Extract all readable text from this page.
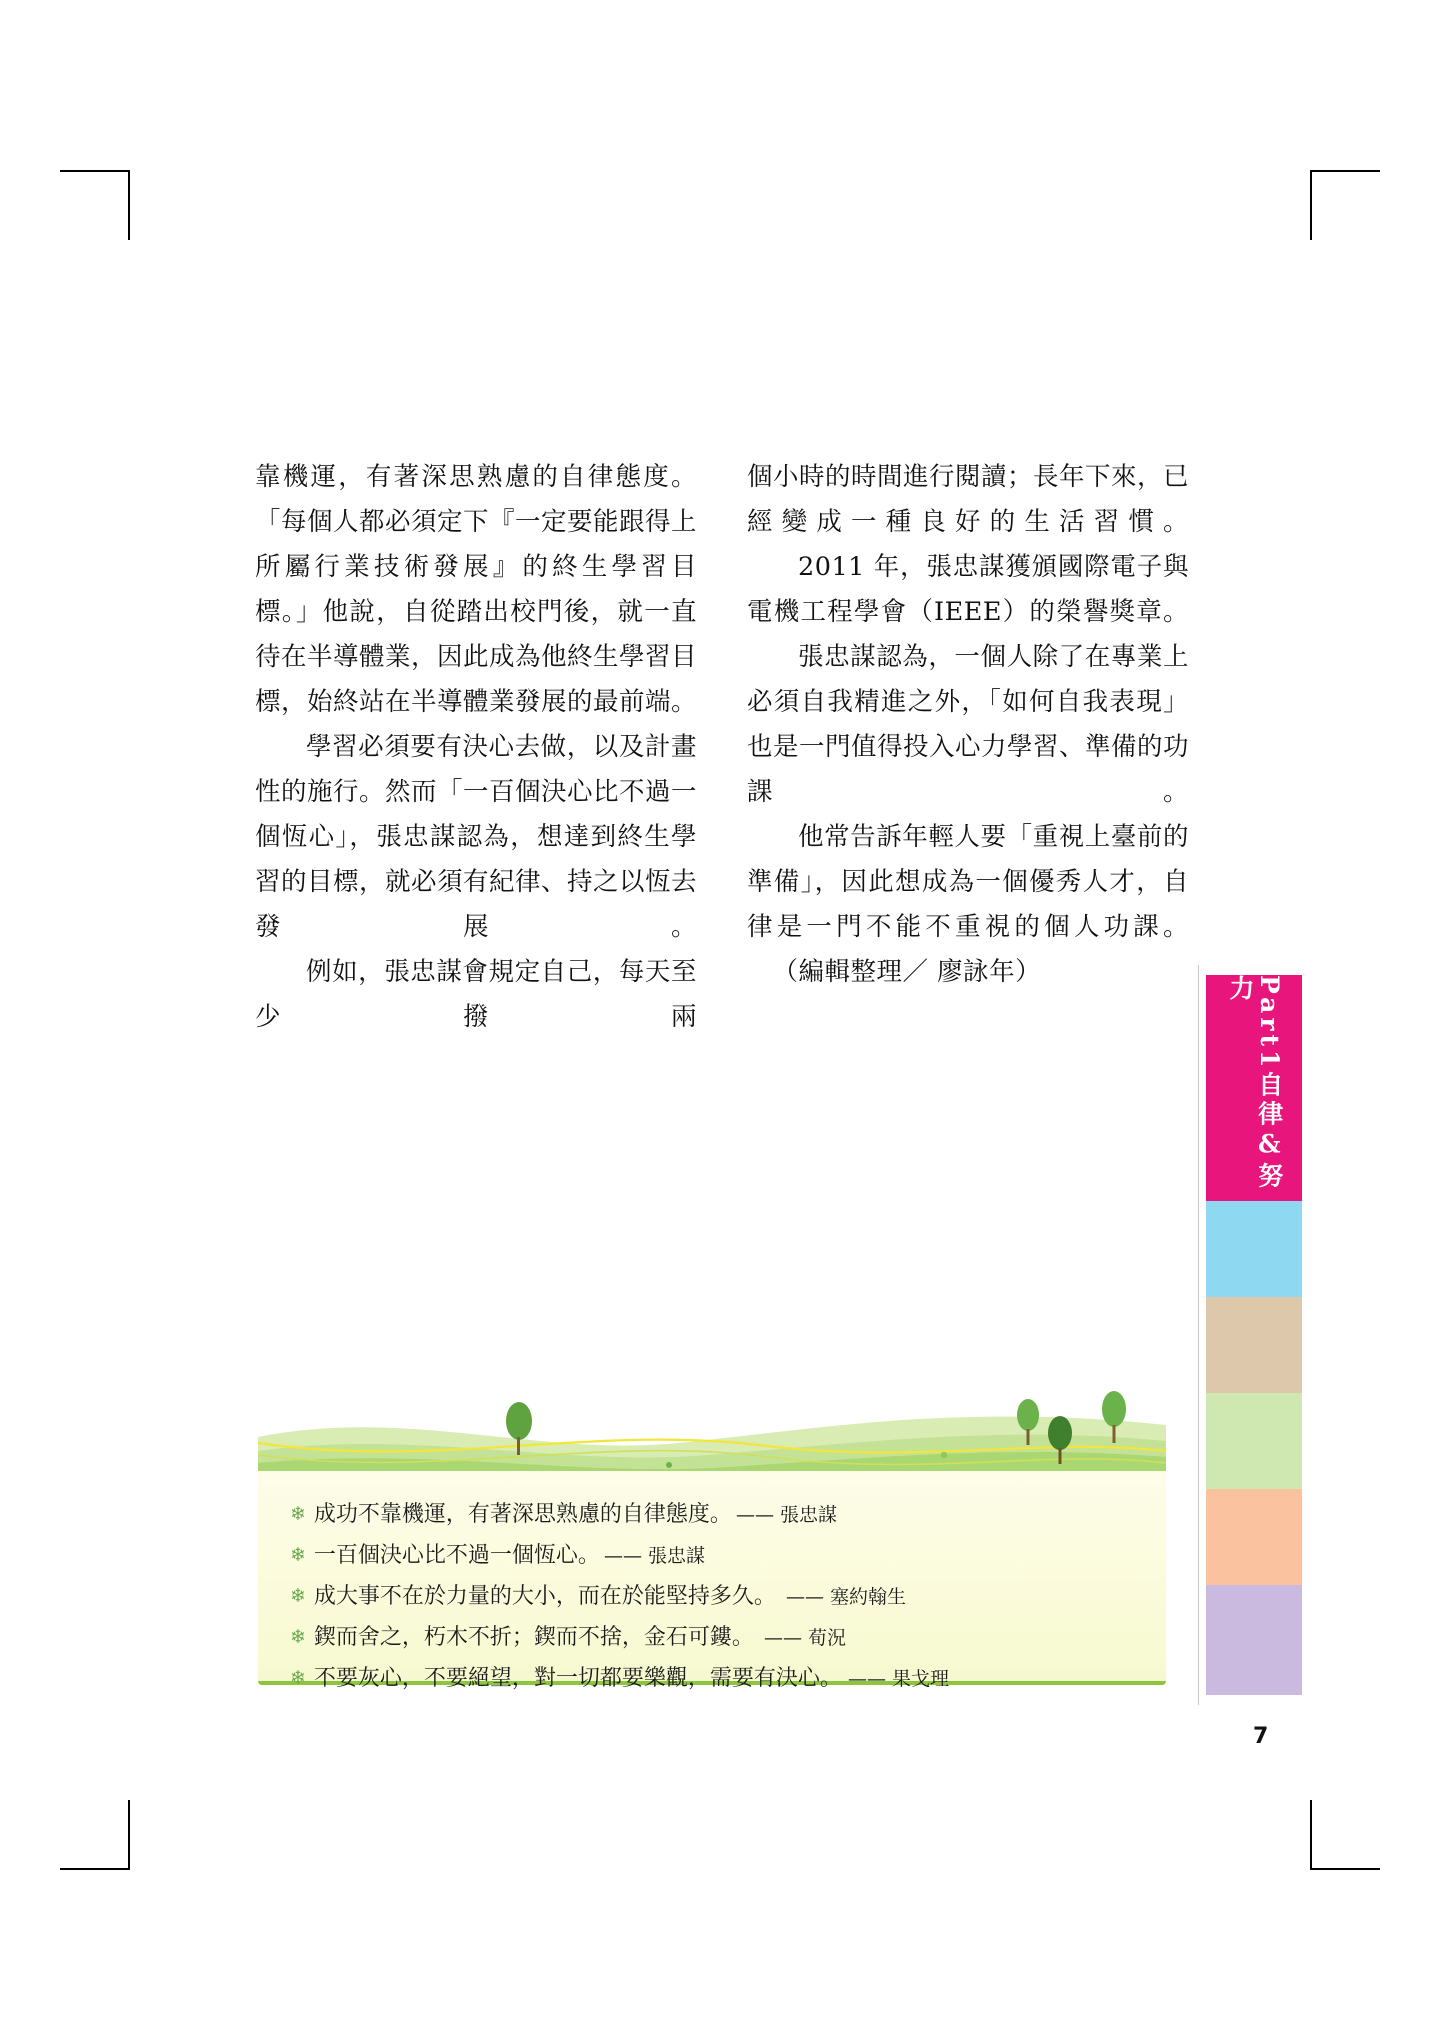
靠機運，有著深思熟慮的自律態度。「每個人都必須定下『一定要能跟得上所屬行業技術發展』的終生學習目標。」他說，自從踏出校門後，就一直待在半導體業，因此成為他終生學習目標，始終站在半導體業發展的最前端。

學習必須要有決心去做，以及計畫性的施行。然而「一百個決心比不過一個恆心」，張忠謀認為，想達到終生學習的目標，就必須有紀律、持之以恆去發展。

例如，張忠謀會規定自己，每天至少撥兩

個小時的時間進行閱讀；長年下來，已經變成一種良好的生活習慣。

2011 年，張忠謀獲頒國際電子與電機工程學會（IEEE）的榮譽獎章。

張忠謀認為，一個人除了在專業上必須自我精進之外，「如何自我表現」也是一門值得投入心力學習、準備的功課。

他常告訴年輕人要「重視上臺前的準備」，因此想成為一個優秀人才，自律是一門不能不重視的個人功課。

（編輯整理／ 廖詠年）

❄ 成功不靠機運，有著深思熟慮的自律態度。 —— 張忠謀
❄ 一百個決心比不過一個恆心。 —— 張忠謀
❄ 成大事不在於力量的大小，而在於能堅持多久。 —— 塞約翰生
❄ 鍥而舍之，朽木不折；鍥而不捨，金石可鏤。 —— 荀況
❄ 不要灰心，不要絕望，對一切都要樂觀，需要有決心。 —— 果戈理
Part1自律&努力
7
